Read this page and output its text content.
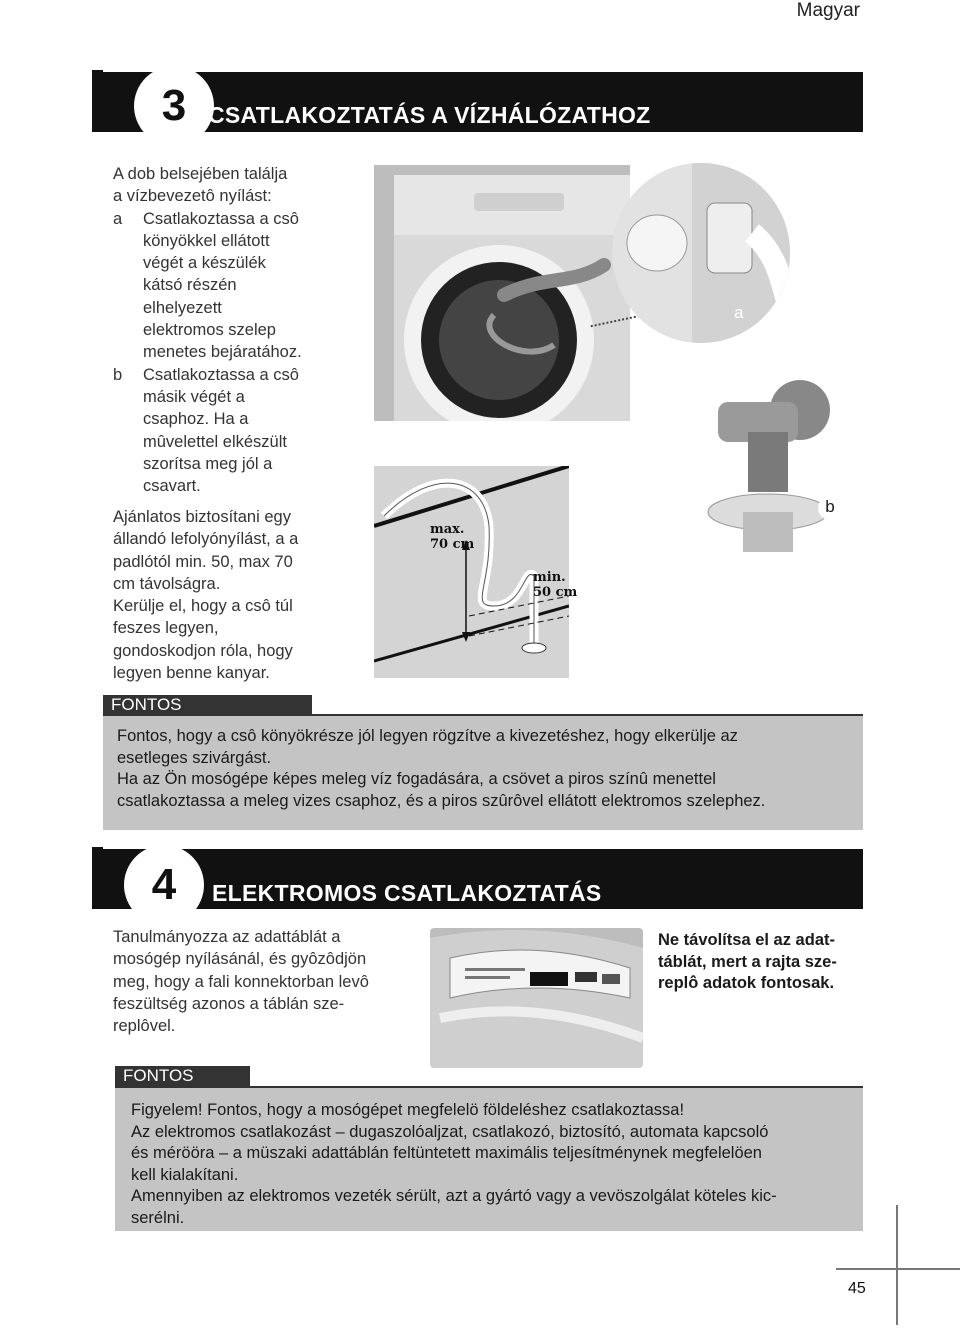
Magyar
3 CSATLAKOZTATÁS A VÍZHÁLÓZATHOZ
A dob belsejében találja
a vízbevezetô nyílást:
a Csatlakoztassa a csô
könyökkel ellátott
végét a készülék
kátsó részén
elhelyezett
elektromos szelep
menetes bejáratához.
b Csatlakoztassa a csô
másik végét a
csaphoz. Ha a
mûvelettel elkészült
szorítsa meg jól a
csavart.
Ajánlatos biztosítani egy
állandó lefolyónyílást, a a
padlótól min. 50, max 70
cm távolságra.
Kerülje el, hogy a csô túl
feszes legyen,
gondoskodjon róla, hogy
legyen benne kanyar.
a
b
max.
70 cm
min.
50 cm
FONTOS
Fontos, hogy a csô könyökrésze jól legyen rögzítve a kivezetéshez, hogy elkerülje az
esetleges szivárgást.
Ha az Ön mosógépe képes meleg víz fogadására, a csövet a piros színû menettel
csatlakoztassa a meleg vizes csaphoz, és a piros szûrôvel ellátott elektromos szelephez.
4	ELEKTROMOS CSATLAKOZTATÁS
Tanulmányozza az adattáblát a
mosógép nyílásánál, és gyôzôdjön
meg, hogy a fali konnektorban levô
feszültség azonos a táblán sze-
replôvel.
Ne távolítsa el az adat-
táblát, mert a rajta sze-
replô adatok fontosak.
FONTOS
Figyelem! Fontos, hogy a mosógépet megfelelö földeléshez csatlakoztassa!
Az elektromos csatlakozást – dugaszolóaljzat, csatlakozó, biztosító, automata kapcsoló
és mérööra – a müszaki adattáblán feltüntetett maximális teljesítménynek megfelelöen
kell kialakítani.
Amennyiben az elektromos vezeték sérült, azt a gyártó vagy a vevöszolgálat köteles kic-
serélni.
45
